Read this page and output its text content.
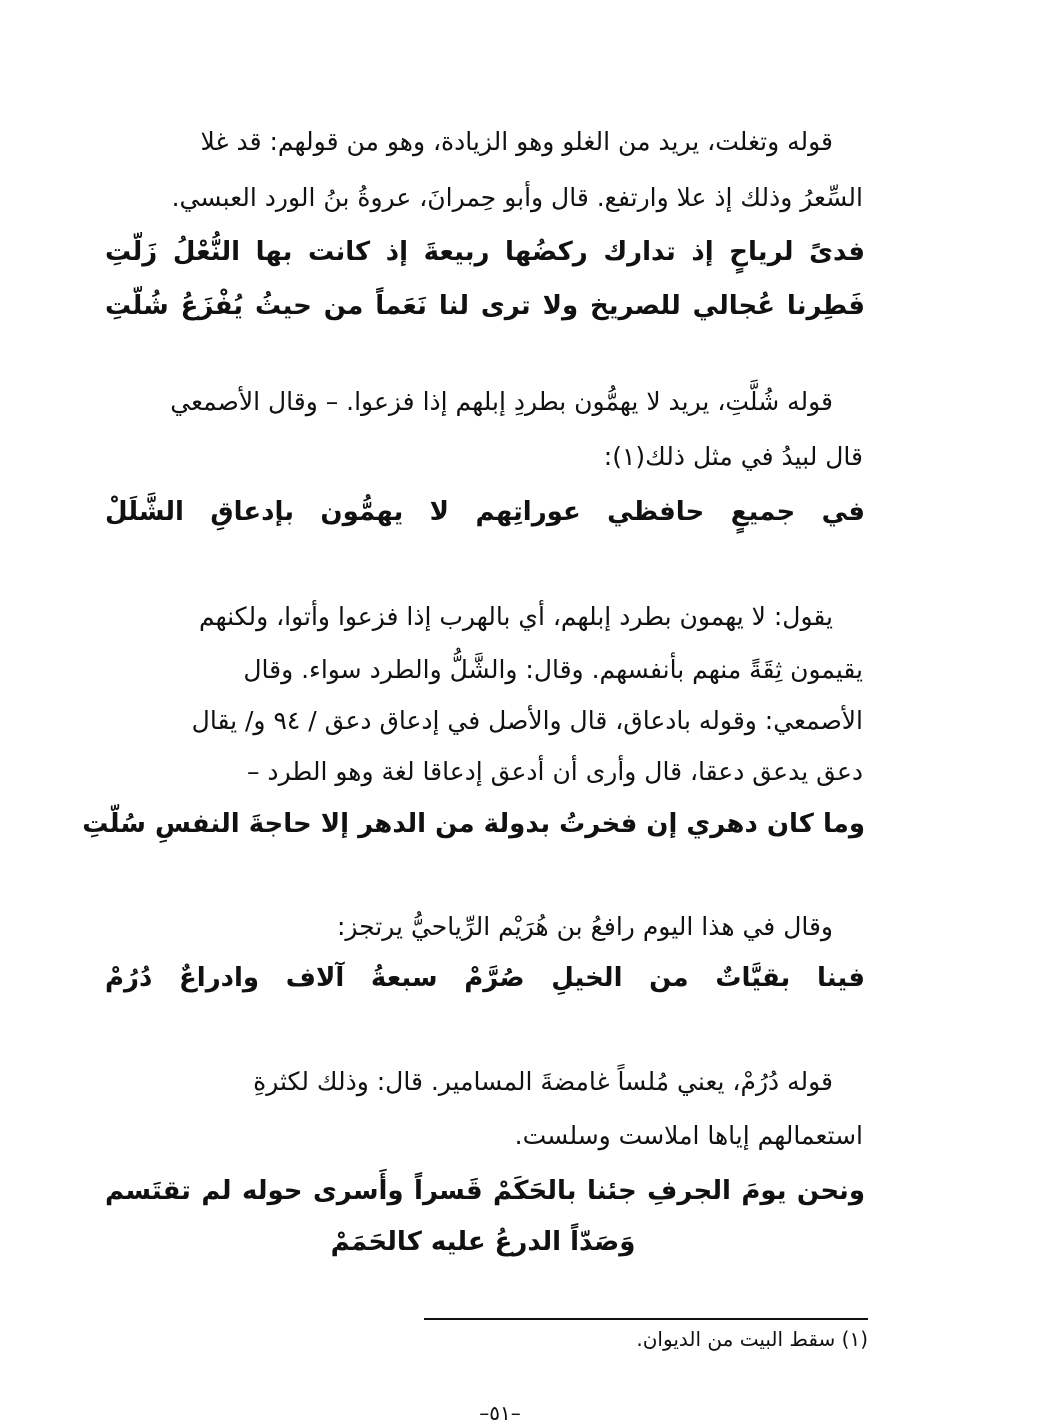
قوله وتغلت، يريد من الغلو وهو الزيادة، وهو من قولهم: قد غلا
السِّعرُ وذلك إذ علا وارتفع. قال وأبو حِمرانَ، عروةُ بنُ الورد العبسي.
فدىً لرياحٍ إذ تدارك ركضُها ربيعةَ إذ كانت بها النُّعْلُ زَلّتِ
فَطِرنا عُجالي للصريخ ولا ترى لنا نَعَماً من حيثُ يُفْزَعُ شُلّتِ
قوله شُلَّتِ، يريد لا يهمُّون بطردِ إبلهم إذا فزعوا. – وقال الأصمعي
قال لبيدُ في مثل ذلك(١):
في جميعٍ حافظي عوراتِهم لا يهمُّون بإدعاقِ الشَّلَلْ
يقول: لا يهمون بطرد إبلهم، أي بالهرب إذا فزعوا وأتوا، ولكنهم
يقيمون ثِقَةً منهم بأنفسهم. وقال: والشَّلُّ والطرد سواء. وقال
الأصمعي: وقوله بادعاق، قال والأصل في إدعاق دعق / ٩٤ و/ يقال
دعق يدعق دعقا، قال وأرى أن أدعق إدعاقا لغة وهو الطرد –
وما كان دهري إن فخرتُ بدولة من الدهر إلا حاجةَ النفسِ سُلّتِ
وقال في هذا اليوم رافعُ بن هُرَيْم الرِّياحيُّ يرتجز:
فينا بقيَّاتٌ من الخيلِ صُرَّمْ سبعةُ آلاف وادراعٌ دُرُمْ
قوله دُرُمْ، يعني مُلساً غامضةَ المسامير. قال: وذلك لكثرةِ
استعمالهم إياها املاست وسلست.
ونحن يومَ الجرفِ جئنا بالحَكَمْ قَسراً وأَسرى حوله لم تقتَسم
وَصَدّاً الدرعُ عليه كالحَمَمْ
(١) سقط البيت من الديوان.
–٥١–
